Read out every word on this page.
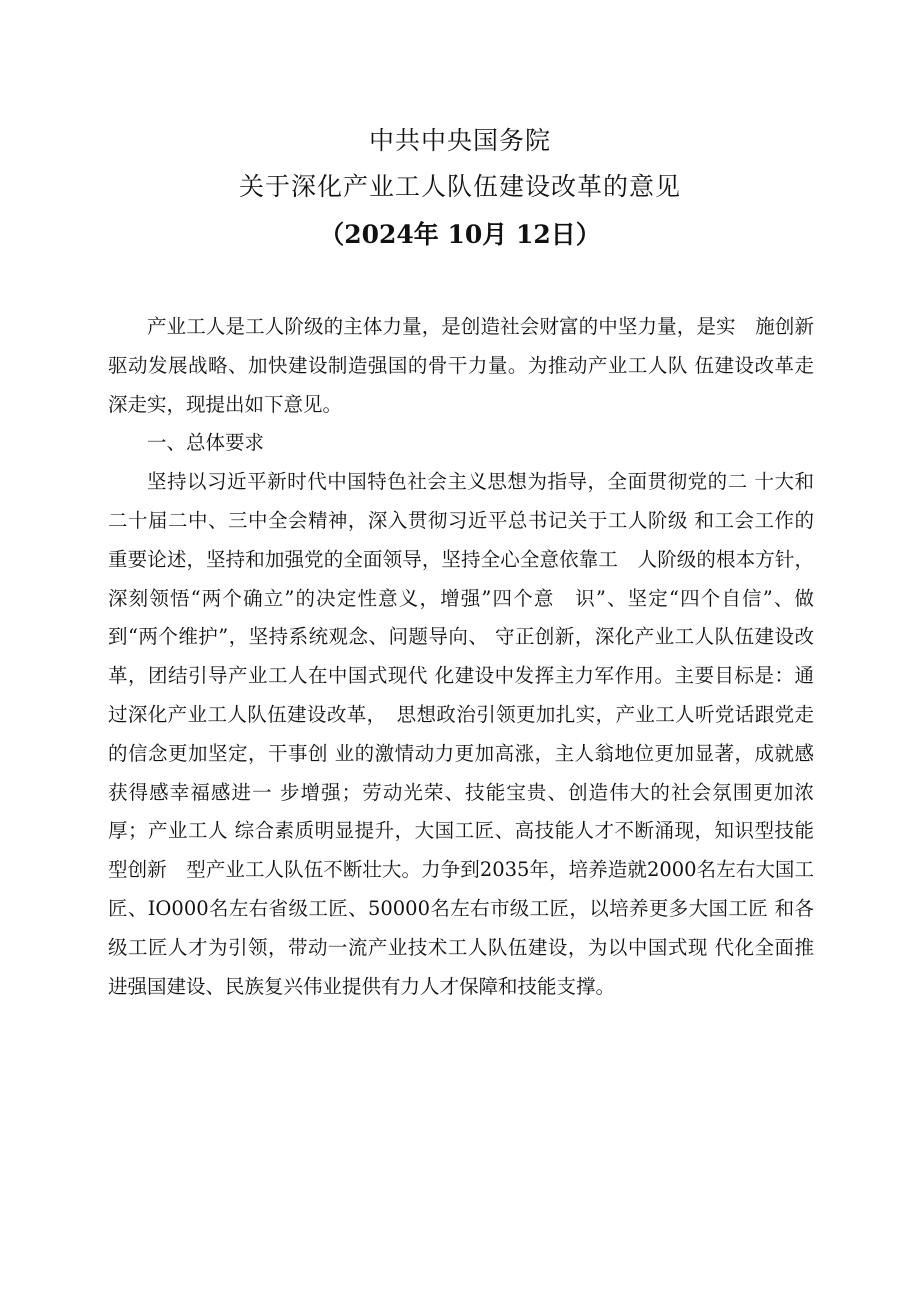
中共中央国务院
关于深化产业工人队伍建设改革的意见
（2024年 10月 12日）

产业工人是工人阶级的主体力量，是创造社会财富的中坚力量，是实　施创新驱动发展战略、加快建设制造强国的骨干力量。为推动产业工人队 伍建设改革走深走实，现提出如下意见。

一、总体要求

坚持以习近平新时代中国特色社会主义思想为指导，全面贯彻党的二 十大和二十届二中、三中全会精神，深入贯彻习近平总书记关于工人阶级 和工会工作的重要论述，坚持和加强党的全面领导，坚持全心全意依靠工　人阶级的根本方针，深刻领悟“两个确立”的决定性意义，增强”四个意　识”、坚定“四个自信”、做到“两个维护”，坚持系统观念、问题导向、 守正创新，深化产业工人队伍建设改革，团结引导产业工人在中国式现代 化建设中发挥主力军作用。主要目标是：通过深化产业工人队伍建设改革，　思想政治引领更加扎实，产业工人听党话跟党走的信念更加坚定，干事创 业的激情动力更加高涨，主人翁地位更加显著，成就感获得感幸福感进一 步增强；劳动光荣、技能宝贵、创造伟大的社会氛围更加浓厚；产业工人 综合素质明显提升，大国工匠、高技能人才不断涌现，知识型技能型创新　型产业工人队伍不断壮大。力争到2035年，培养造就2000名左右大国工匠、IO000名左右省级工匠、50000名左右市级工匠，以培养更多大国工匠 和各级工匠人才为引领，带动一流产业技术工人队伍建设，为以中国式现 代化全面推进强国建设、民族复兴伟业提供有力人才保障和技能支撑。
